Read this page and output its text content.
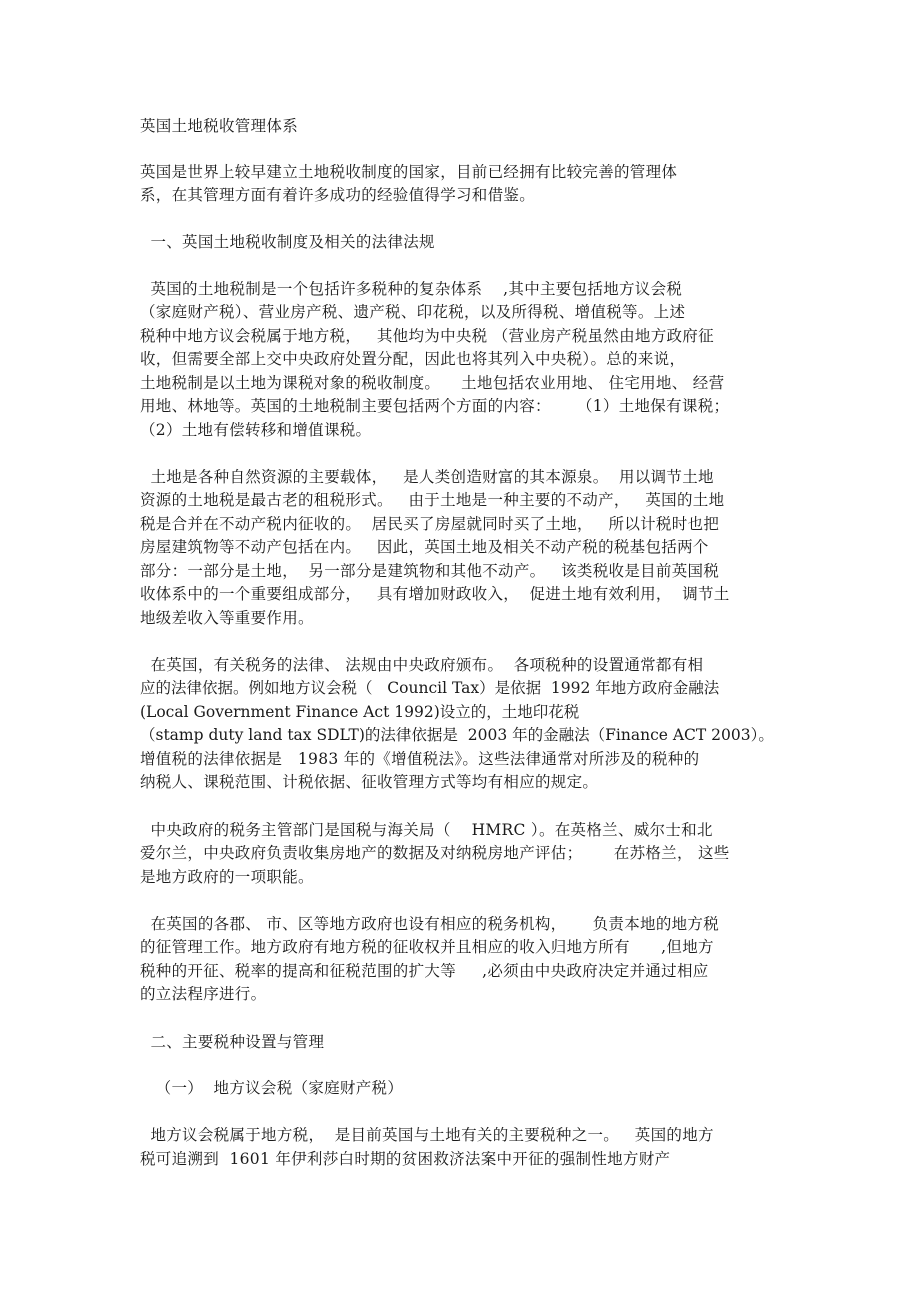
英国土地税收管理体系

英国是世界上较早建立土地税收制度的国家，目前已经拥有比较完善的管理体

系，在其管理方面有着许多成功的经验值得学习和借鉴。

一、英国土地税收制度及相关的法律法规

英国的土地税制是一个包括许多税种的复杂体系    ,其中主要包括地方议会税

（家庭财产税）、营业房产税、遗产税、印花税，以及所得税、增值税等。上述

税种中地方议会税属于地方税，   其他均为中央税 （营业房产税虽然由地方政府征

收，但需要全部上交中央政府处置分配，因此也将其列入中央税）。总的来说，

土地税制是以土地为课税对象的税收制度。    土地包括农业用地、 住宅用地、 经营

用地、林地等。英国的土地税制主要包括两个方面的内容：     （1）土地保有课税；

（2）土地有偿转移和增值课税。

土地是各种自然资源的主要载体，   是人类创造财富的其本源泉。  用以调节土地

资源的土地税是最古老的租税形式。   由于土地是一种主要的不动产，   英国的土地

税是合并在不动产税内征收的。  居民买了房屋就同时买了土地，   所以计税时也把

房屋建筑物等不动产包括在内。   因此，英国土地及相关不动产税的税基包括两个

部分：一部分是土地，  另一部分是建筑物和其他不动产。   该类税收是目前英国税

收体系中的一个重要组成部分，   具有增加财政收入，  促进土地有效利用，  调节土

地级差收入等重要作用。

在英国，有关税务的法律、 法规由中央政府颁布。  各项税种的设置通常都有相

应的法律依据。例如地方议会税（   Council Tax）是依据  1992 年地方政府金融法

(Local Government Finance Act 1992)设立的，土地印花税

（stamp duty land tax SDLT)的法律依据是  2003 年的金融法（Finance ACT 2003）。

增值税的法律依据是   1983 年的《增值税法》。这些法律通常对所涉及的税种的

纳税人、课税范围、计税依据、征收管理方式等均有相应的规定。

中央政府的税务主管部门是国税与海关局（    HMRC ）。在英格兰、威尔士和北

爱尔兰，中央政府负责收集房地产的数据及对纳税房地产评估；      在苏格兰， 这些

是地方政府的一项职能。

在英国的各郡、 市、区等地方政府也设有相应的税务机构，     负责本地的地方税

的征管理工作。地方政府有地方税的征收权并且相应的收入归地方所有      ,但地方

税种的开征、税率的提高和征税范围的扩大等     ,必须由中央政府决定并通过相应

的立法程序进行。

二、主要税种设置与管理

（一）  地方议会税（家庭财产税）

地方议会税属于地方税，  是目前英国与土地有关的主要税种之一。   英国的地方

税可追溯到  1601 年伊利莎白时期的贫困救济法案中开征的强制性地方财产
